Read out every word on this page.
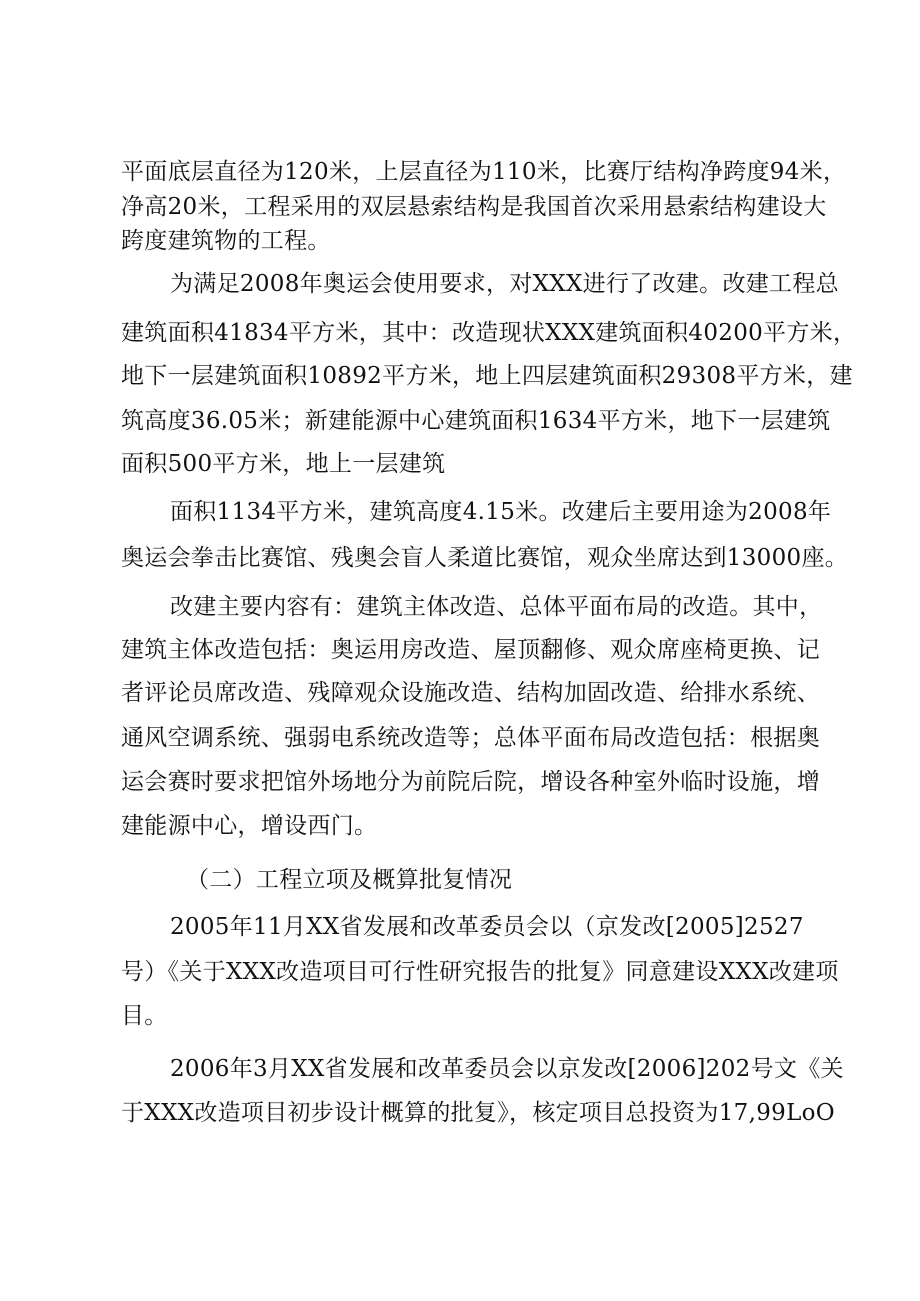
平面底层直径为120米，上层直径为110米，比赛厅结构净跨度94米，
净高20米，工程采用的双层悬索结构是我国首次采用悬索结构建设大
跨度建筑物的工程。
为满足2008年奥运会使用要求，对XXX进行了改建。改建工程总
建筑面积41834平方米，其中：改造现状XXX建筑面积40200平方米，
地下一层建筑面积10892平方米，地上四层建筑面积29308平方米，建
筑高度36.05米；新建能源中心建筑面积1634平方米，地下一层建筑
面积500平方米，地上一层建筑
面积1134平方米，建筑高度4.15米。改建后主要用途为2008年
奥运会拳击比赛馆、残奥会盲人柔道比赛馆，观众坐席达到13000座。
改建主要内容有：建筑主体改造、总体平面布局的改造。其中，
建筑主体改造包括：奥运用房改造、屋顶翻修、观众席座椅更换、记
者评论员席改造、残障观众设施改造、结构加固改造、给排水系统、
通风空调系统、强弱电系统改造等；总体平面布局改造包括：根据奥
运会赛时要求把馆外场地分为前院后院，增设各种室外临时设施，增
建能源中心，增设西门。
（二）工程立项及概算批复情况
2005年11月XX省发展和改革委员会以（京发改[2005]2527
号）《关于XXX改造项目可行性研究报告的批复》同意建设XXX改建项
目。
2006年3月XX省发展和改革委员会以京发改[2006]202号文《关
于XXX改造项目初步设计概算的批复》，核定项目总投资为17,99LoO
